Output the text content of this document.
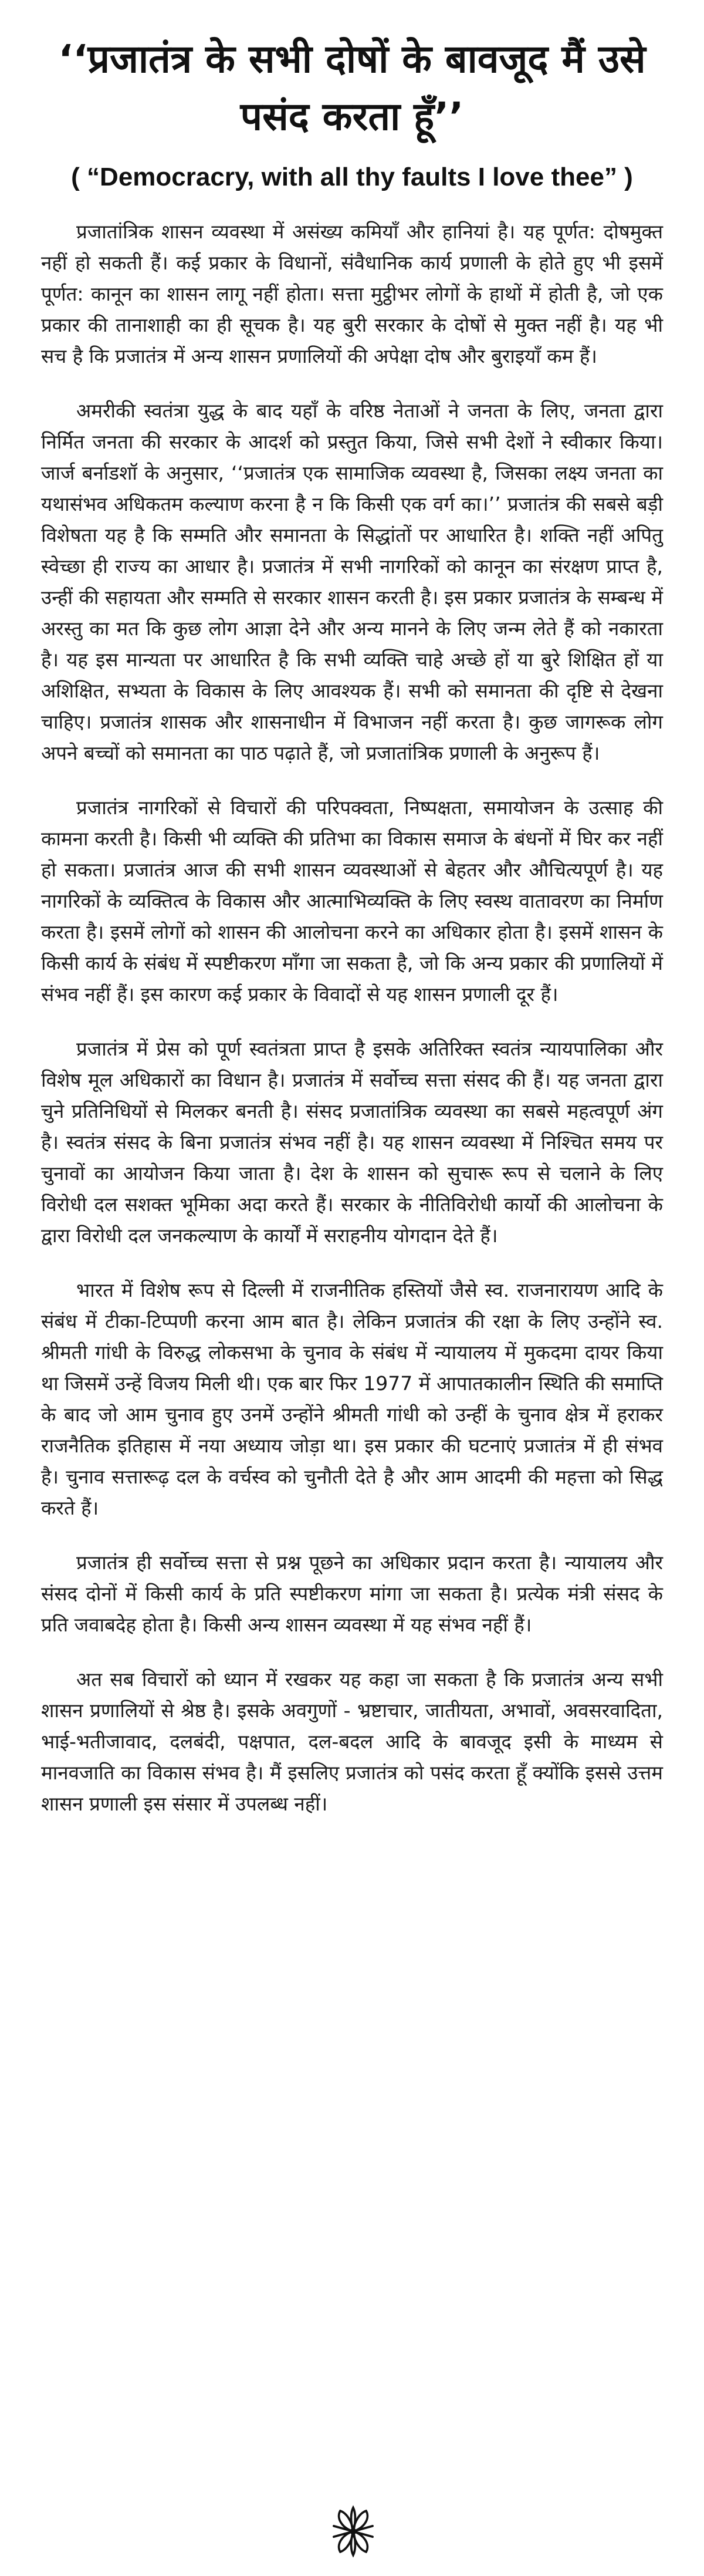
‘‘प्रजातंत्र के सभी दोषों के बावजूद मैं उसे पसंद करता हूँ’’
( “Democracry, with all thy faults I love thee” )

प्रजातांत्रिक शासन व्यवस्था में असंख्य कमियाँ और हानियां है। यह पूर्णत: दोषमुक्त नहीं हो सकती हैं। कई प्रकार के विधानों, संवैधानिक कार्य प्रणाली के होते हुए भी इसमें पूर्णत: कानून का शासन लागू नहीं होता। सत्ता मुट्ठीभर लोगों के हाथों में होती है, जो एक प्रकार की तानाशाही का ही सूचक है। यह बुरी सरकार के दोषों से मुक्त नहीं है। यह भी सच है कि प्रजातंत्र में अन्य शासन प्रणालियों की अपेक्षा दोष और बुराइयाँ कम हैं।

अमरीकी स्वतंत्रा युद्ध के बाद यहाँ के वरिष्ठ नेताओं ने जनता के लिए, जनता द्वारा निर्मित जनता की सरकार के आदर्श को प्रस्तुत किया, जिसे सभी देशों ने स्वीकार किया। जार्ज बर्नाडशॉ के अनुसार, ‘‘प्रजातंत्र एक सामाजिक व्यवस्था है, जिसका लक्ष्य जनता का यथासंभव अधिकतम कल्याण करना है न कि किसी एक वर्ग का।’’ प्रजातंत्र की सबसे बड़ी विशेषता यह है कि सम्मति और समानता के सिद्धांतों पर आधारित है। शक्ति नहीं अपितु स्वेच्छा ही राज्य का आधार है। प्रजातंत्र में सभी नागरिकों को कानून का संरक्षण प्राप्त है, उन्हीं की सहायता और सम्मति से सरकार शासन करती है। इस प्रकार प्रजातंत्र के सम्बन्ध में अरस्तु का मत कि कुछ लोग आज्ञा देने और अन्य मानने के लिए जन्म लेते हैं को नकारता है। यह इस मान्यता पर आधारित है कि सभी व्यक्ति चाहे अच्छे हों या बुरे शिक्षित हों या अशिक्षित, सभ्यता के विकास के लिए आवश्यक हैं। सभी को समानता की दृष्टि से देखना चाहिए। प्रजातंत्र शासक और शासनाधीन में विभाजन नहीं करता है। कुछ जागरूक लोग अपने बच्चों को समानता का पाठ पढ़ाते हैं, जो प्रजातांत्रिक प्रणाली के अनुरूप हैं।

प्रजातंत्र नागरिकों से विचारों की परिपक्वता, निष्पक्षता, समायोजन के उत्साह की कामना करती है। किसी भी व्यक्ति की प्रतिभा का विकास समाज के बंधनों में घिर कर नहीं हो सकता। प्रजातंत्र आज की सभी शासन व्यवस्थाओं से बेहतर और औचित्यपूर्ण है। यह नागरिकों के व्यक्तित्व के विकास और आत्माभिव्यक्ति के लिए स्वस्थ वातावरण का निर्माण करता है। इसमें लोगों को शासन की आलोचना करने का अधिकार होता है। इसमें शासन के किसी कार्य के संबंध में स्पष्टीकरण माँगा जा सकता है, जो कि अन्य प्रकार की प्रणालियों में संभव नहीं हैं। इस कारण कई प्रकार के विवादों से यह शासन प्रणाली दूर हैं।

प्रजातंत्र में प्रेस को पूर्ण स्वतंत्रता प्राप्त है इसके अतिरिक्त स्वतंत्र न्यायपालिका और विशेष मूल अधिकारों का विधान है। प्रजातंत्र में सर्वोच्च सत्ता संसद की हैं। यह जनता द्वारा चुने प्रतिनिधियों से मिलकर बनती है। संसद प्रजातांत्रिक व्यवस्था का सबसे महत्वपूर्ण अंग है। स्वतंत्र संसद के बिना प्रजातंत्र संभव नहीं है। यह शासन व्यवस्था में निश्चित समय पर चुनावों का आयोजन किया जाता है। देश के शासन को सुचारू रूप से चलाने के लिए विरोधी दल सशक्त भूमिका अदा करते हैं। सरकार के नीतिविरोधी कार्यो की आलोचना के द्वारा विरोधी दल जनकल्याण के कार्यों में सराहनीय योगदान देते हैं।

भारत में विशेष रूप से दिल्ली में राजनीतिक हस्तियों जैसे स्व. राजनारायण आदि के संबंध में टीका-टिप्पणी करना आम बात है। लेकिन प्रजातंत्र की रक्षा के लिए उन्होंने स्व. श्रीमती गांधी के विरुद्ध लोकसभा के चुनाव के संबंध में न्यायालय में मुकदमा दायर किया था जिसमें उन्हें विजय मिली थी। एक बार फिर 1977 में आपातकालीन स्थिति की समाप्ति के बाद जो आम चुनाव हुए उनमें उन्होंने श्रीमती गांधी को उन्हीं के चुनाव क्षेत्र में हराकर राजनैतिक इतिहास में नया अध्याय जोड़ा था। इस प्रकार की घटनाएं प्रजातंत्र में ही संभव है। चुनाव सत्तारूढ़ दल के वर्चस्व को चुनौती देते है और आम आदमी की महत्ता को सिद्ध करते हैं।

प्रजातंत्र ही सर्वोच्च सत्ता से प्रश्न पूछने का अधिकार प्रदान करता है। न्यायालय और संसद दोनों में किसी कार्य के प्रति स्पष्टीकरण मांगा जा सकता है। प्रत्येक मंत्री संसद के प्रति जवाबदेह होता है। किसी अन्य शासन व्यवस्था में यह संभव नहीं हैं।

अत सब विचारों को ध्यान में रखकर यह कहा जा सकता है कि प्रजातंत्र अन्य सभी शासन प्रणालियों से श्रेष्ठ है। इसके अवगुणों - भ्रष्टाचार, जातीयता, अभावों, अवसरवादिता, भाई-भतीजावाद, दलबंदी, पक्षपात, दल-बदल आदि के बावजूद इसी के माध्यम से मानवजाति का विकास संभव है। मैं इसलिए प्रजातंत्र को पसंद करता हूँ क्योंकि इससे उत्तम शासन प्रणाली इस संसार में उपलब्ध नहीं।
